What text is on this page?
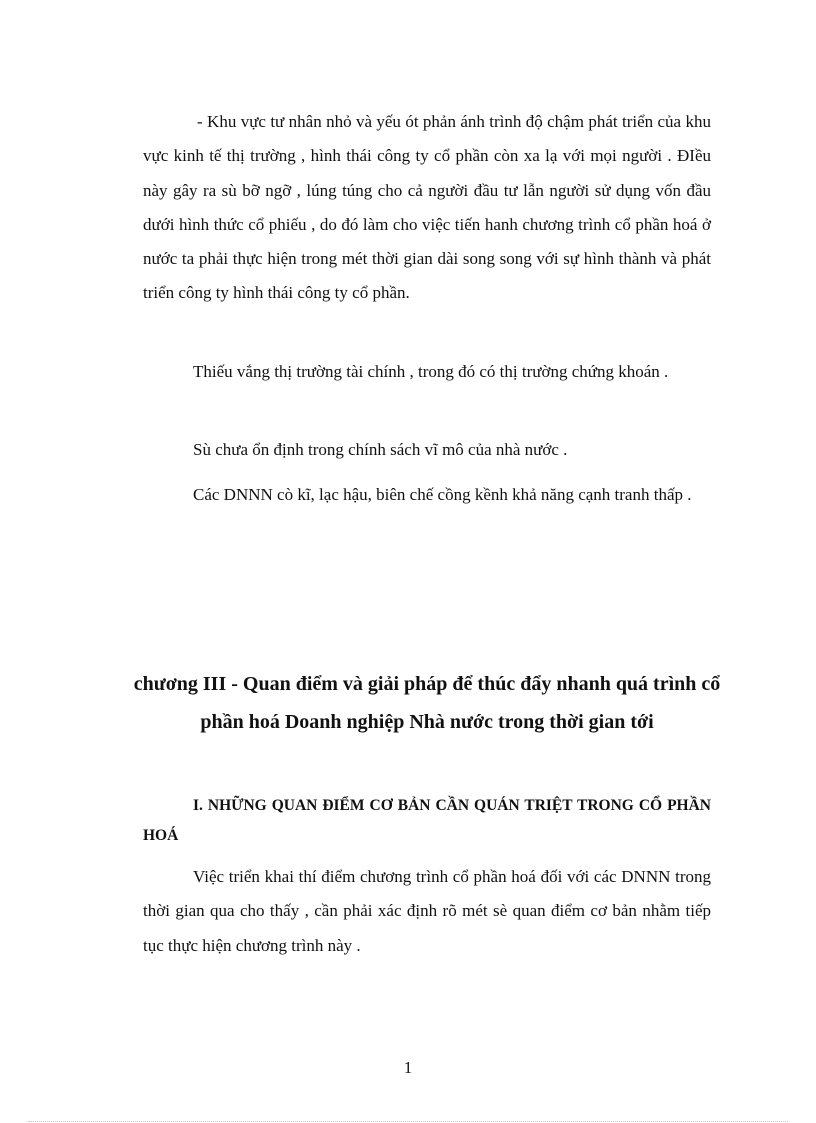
- Khu vực tư nhân nhỏ và yếu ót phản ánh trình độ chậm phát triển của khu vực kinh tế thị trường , hình thái công ty cổ phần còn xa lạ với mọi người . ĐIều này gây ra sù bỡ ngỡ , lúng túng cho cả người đầu tư lẫn người sử dụng vốn đầu dưới hình thức cổ phiếu , do đó làm cho việc tiến hanh chương trình cổ phần hoá ở nước ta phải thực hiện trong mét thời gian dài song song với sự hình thành và phát triển công ty hình thái công ty cổ phần.

Thiếu vắng thị trường tài chính , trong đó có thị trường chứng khoán .

Sù chưa ổn định trong chính sách vĩ mô của nhà nước .

Các DNNN cò kĩ, lạc hậu, biên chế cồng kềnh khả năng cạnh tranh thấp .

chương III - Quan điểm và giải pháp để thúc đẩy nhanh quá trình cổ phần hoá Doanh nghiệp Nhà nước trong thời gian tới
I. NHỮNG QUAN ĐIỂM CƠ BẢN CẦN QUÁN TRIỆT TRONG CỔ PHẦN HOÁ

Việc triển khai thí điểm chương trình cổ phần hoá đối với các DNNN trong thời gian qua cho thấy , cần phải xác định rõ mét sè quan điểm cơ bản nhằm tiếp tục thực hiện chương trình này .

1
